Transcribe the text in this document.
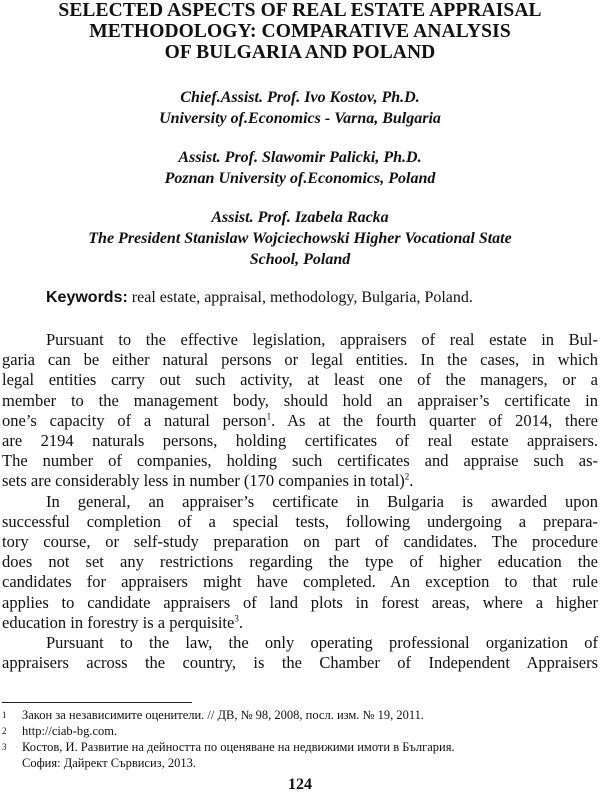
SELECTED ASPECTS OF REAL ESTATE APPRAISAL
METHODOLOGY: COMPARATIVE ANALYSIS
OF BULGARIA AND POLAND
Chief.Assist. Prof. Ivo Kostov, Ph.D.
University of.Economics - Varna, Bulgaria
Assist. Prof. Slawomir Palicki, Ph.D.
Poznan University of.Economics, Poland
Assist. Prof. Izabela Racka
The President Stanislaw Wojciechowski Higher Vocational State
School, Poland
Keywords: real estate, appraisal, methodology, Bulgaria, Poland.

Pursuant to the effective legislation, appraisers of real estate in Bul-
garia can be either natural persons or legal entities. In the cases, in which
legal entities carry out such activity, at least one of the managers, or a
member to the management body, should hold an appraiser’s certificate in
one’s capacity of a natural person$^1$. As at the fourth quarter of 2014, there
are 2194 naturals persons, holding certificates of real estate appraisers.
The number of companies, holding such certificates and appraise such as-
sets are considerably less in number (170 companies in total)$^2$.

In general, an appraiser’s certificate in Bulgaria is awarded upon
successful completion of a special tests, following undergoing a prepara-
tory course, or self-study preparation on part of candidates. The procedure
does not set any restrictions regarding the type of higher education the
candidates for appraisers might have completed. An exception to that rule
applies to candidate appraisers of land plots in forest areas, where a higher
education in forestry is a perquisite$^3$.

Pursuant to the law, the only operating professional organization of
appraisers across the country, is the Chamber of Independent Appraisers

1	Закон за независимите оценители. // ДВ, № 98, 2008, посл. изм. № 19, 2011.
2	http://ciab-bg.com.
3	Костов, И. Развитие на дейността по оценяване на недвижими имоти в България.
София: Дайрект Сървисиз, 2013.
124
